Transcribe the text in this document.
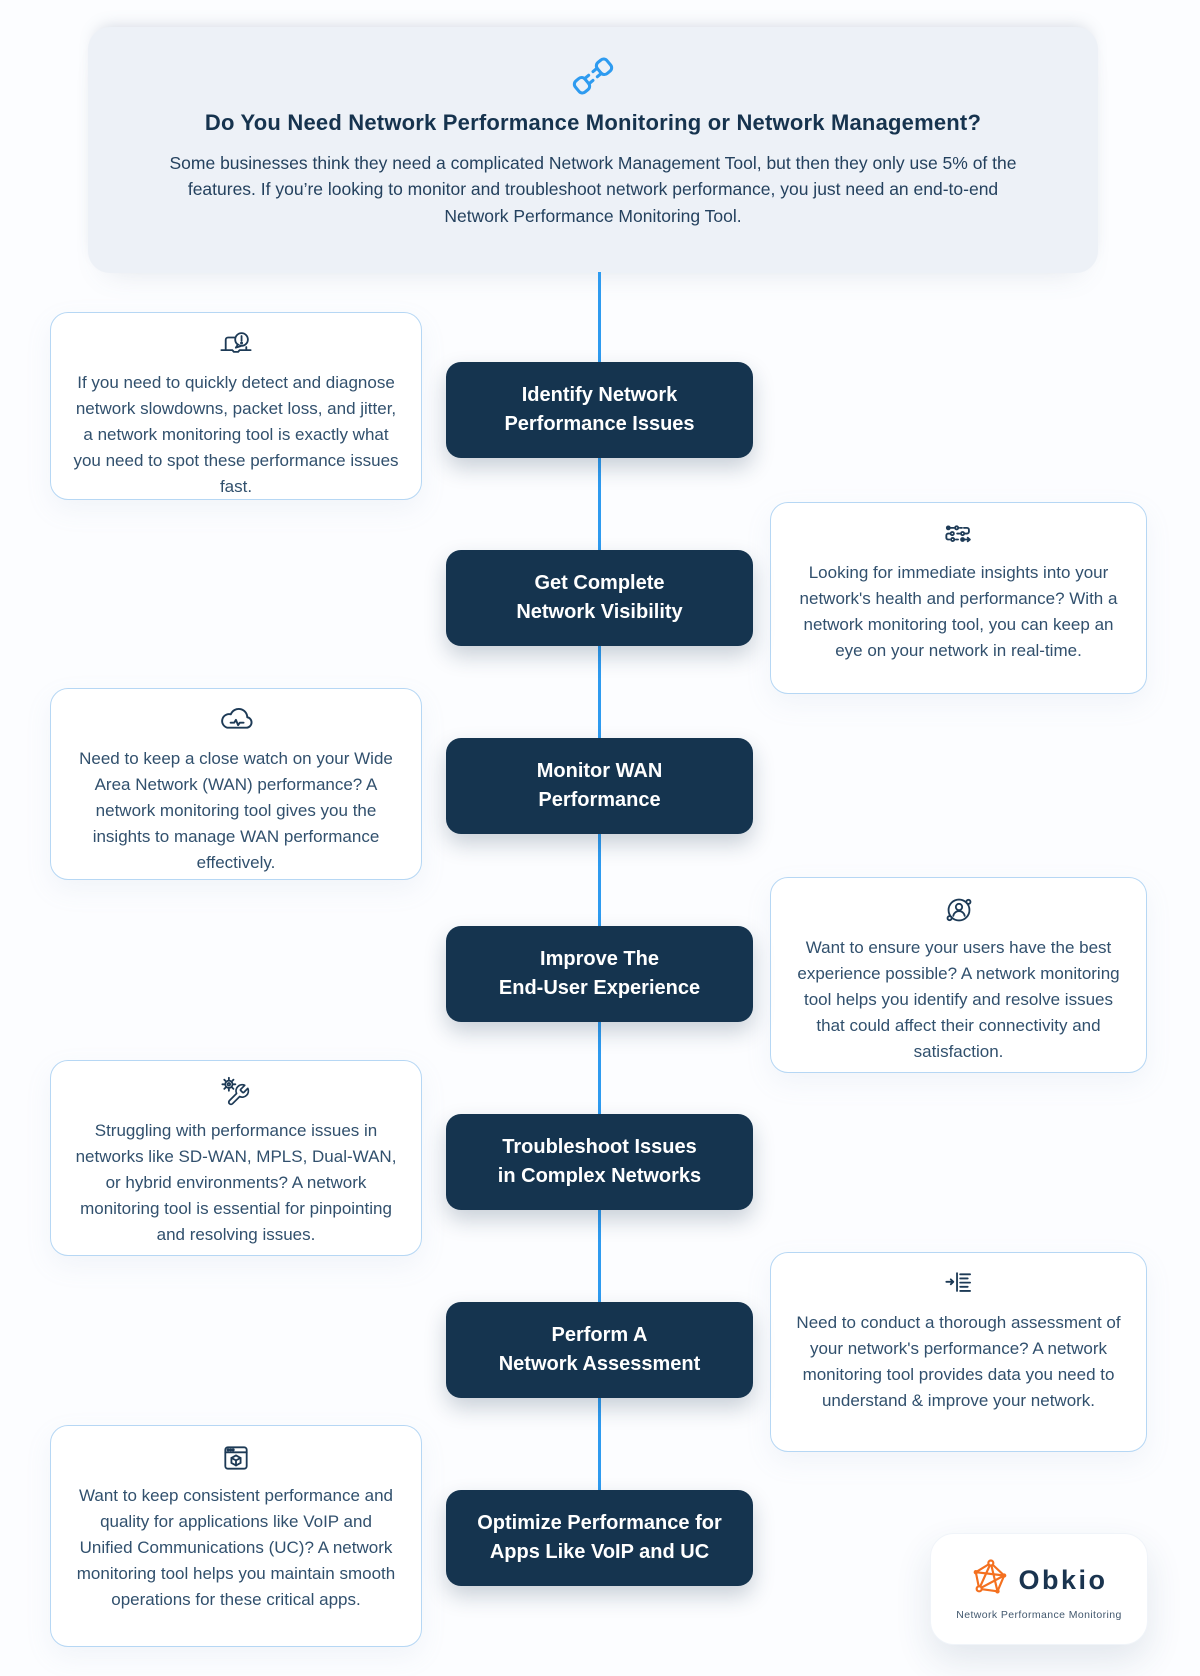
Do You Need Network Performance Monitoring or Network Management?
Some businesses think they need a complicated Network Management Tool, but then they only use 5% of the features. If you’re looking to monitor and troubleshoot network performance, you just need an end-to-end Network Performance Monitoring Tool.
Identify Network
Performance Issues
Get Complete
Network Visibility
Monitor WAN
Performance
Improve The
End-User Experience
Troubleshoot Issues
in Complex Networks
Perform A
Network Assessment
Optimize Performance for
Apps Like VoIP and UC
If you need to quickly detect and diagnose network slowdowns, packet loss, and jitter, a network monitoring tool is exactly what you need to spot these performance issues fast.
Looking for immediate insights into your network's health and performance? With a network monitoring tool, you can keep an eye on your network in real-time.
Need to keep a close watch on your Wide Area Network (WAN) performance? A network monitoring tool gives you the insights to manage WAN performance effectively.
Want to ensure your users have the best experience possible? A network monitoring tool helps you identify and resolve issues that could affect their connectivity and satisfaction.
Struggling with performance issues in networks like SD-WAN, MPLS, Dual-WAN, or hybrid environments? A network monitoring tool is essential for pinpointing and resolving issues.
Need to conduct a thorough assessment of your network's performance? A network monitoring tool provides data you need to understand & improve your network.
Want to keep consistent performance and quality for applications like VoIP and Unified Communications (UC)? A network monitoring tool helps you maintain smooth operations for these critical apps.
Obkio
Network Performance Monitoring
